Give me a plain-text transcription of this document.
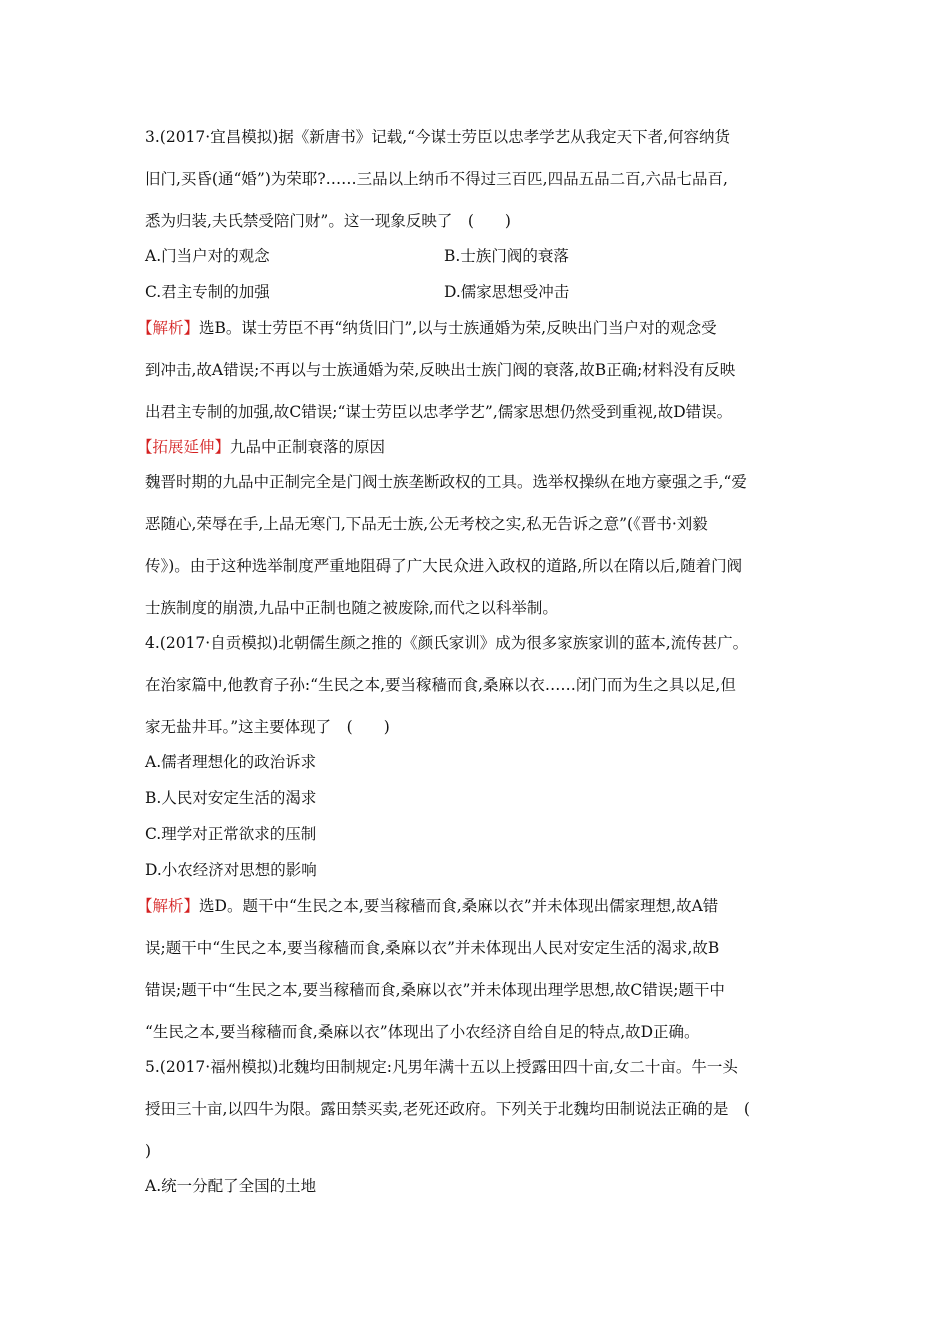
3.(2017·宜昌模拟)据《新唐书》记载,“今谋士劳臣以忠孝学艺从我定天下者,何容纳货
旧门,买昏(通“婚”)为荣耶?……三品以上纳币不得过三百匹,四品五品二百,六品七品百,
悉为归装,夫氏禁受陪门财”。这一现象反映了　(　　)
A.门当户对的观念	B.士族门阀的衰落
C.君主专制的加强	D.儒家思想受冲击
【解析】选B。谋士劳臣不再“纳货旧门”,以与士族通婚为荣,反映出门当户对的观念受
到冲击,故A错误;不再以与士族通婚为荣,反映出士族门阀的衰落,故B正确;材料没有反映
出君主专制的加强,故C错误;“谋士劳臣以忠孝学艺”,儒家思想仍然受到重视,故D错误。
【拓展延伸】九品中正制衰落的原因
魏晋时期的九品中正制完全是门阀士族垄断政权的工具。选举权操纵在地方豪强之手,“爱
恶随心,荣辱在手,上品无寒门,下品无士族,公无考校之实,私无告诉之意”(《晋书·刘毅
传》)。由于这种选举制度严重地阻碍了广大民众进入政权的道路,所以在隋以后,随着门阀
士族制度的崩溃,九品中正制也随之被废除,而代之以科举制。
4.(2017·自贡模拟)北朝儒生颜之推的《颜氏家训》成为很多家族家训的蓝本,流传甚广。
在治家篇中,他教育子孙:“生民之本,要当稼穑而食,桑麻以衣……闭门而为生之具以足,但
家无盐井耳。”这主要体现了　(　　)
A.儒者理想化的政治诉求
B.人民对安定生活的渴求
C.理学对正常欲求的压制
D.小农经济对思想的影响
【解析】选D。题干中“生民之本,要当稼穑而食,桑麻以衣”并未体现出儒家理想,故A错
误;题干中“生民之本,要当稼穑而食,桑麻以衣”并未体现出人民对安定生活的渴求,故B
错误;题干中“生民之本,要当稼穑而食,桑麻以衣”并未体现出理学思想,故C错误;题干中
“生民之本,要当稼穑而食,桑麻以衣”体现出了小农经济自给自足的特点,故D正确。
5.(2017·福州模拟)北魏均田制规定:凡男年满十五以上授露田四十亩,女二十亩。牛一头
授田三十亩,以四牛为限。露田禁买卖,老死还政府。下列关于北魏均田制说法正确的是　(
)
A.统一分配了全国的土地
